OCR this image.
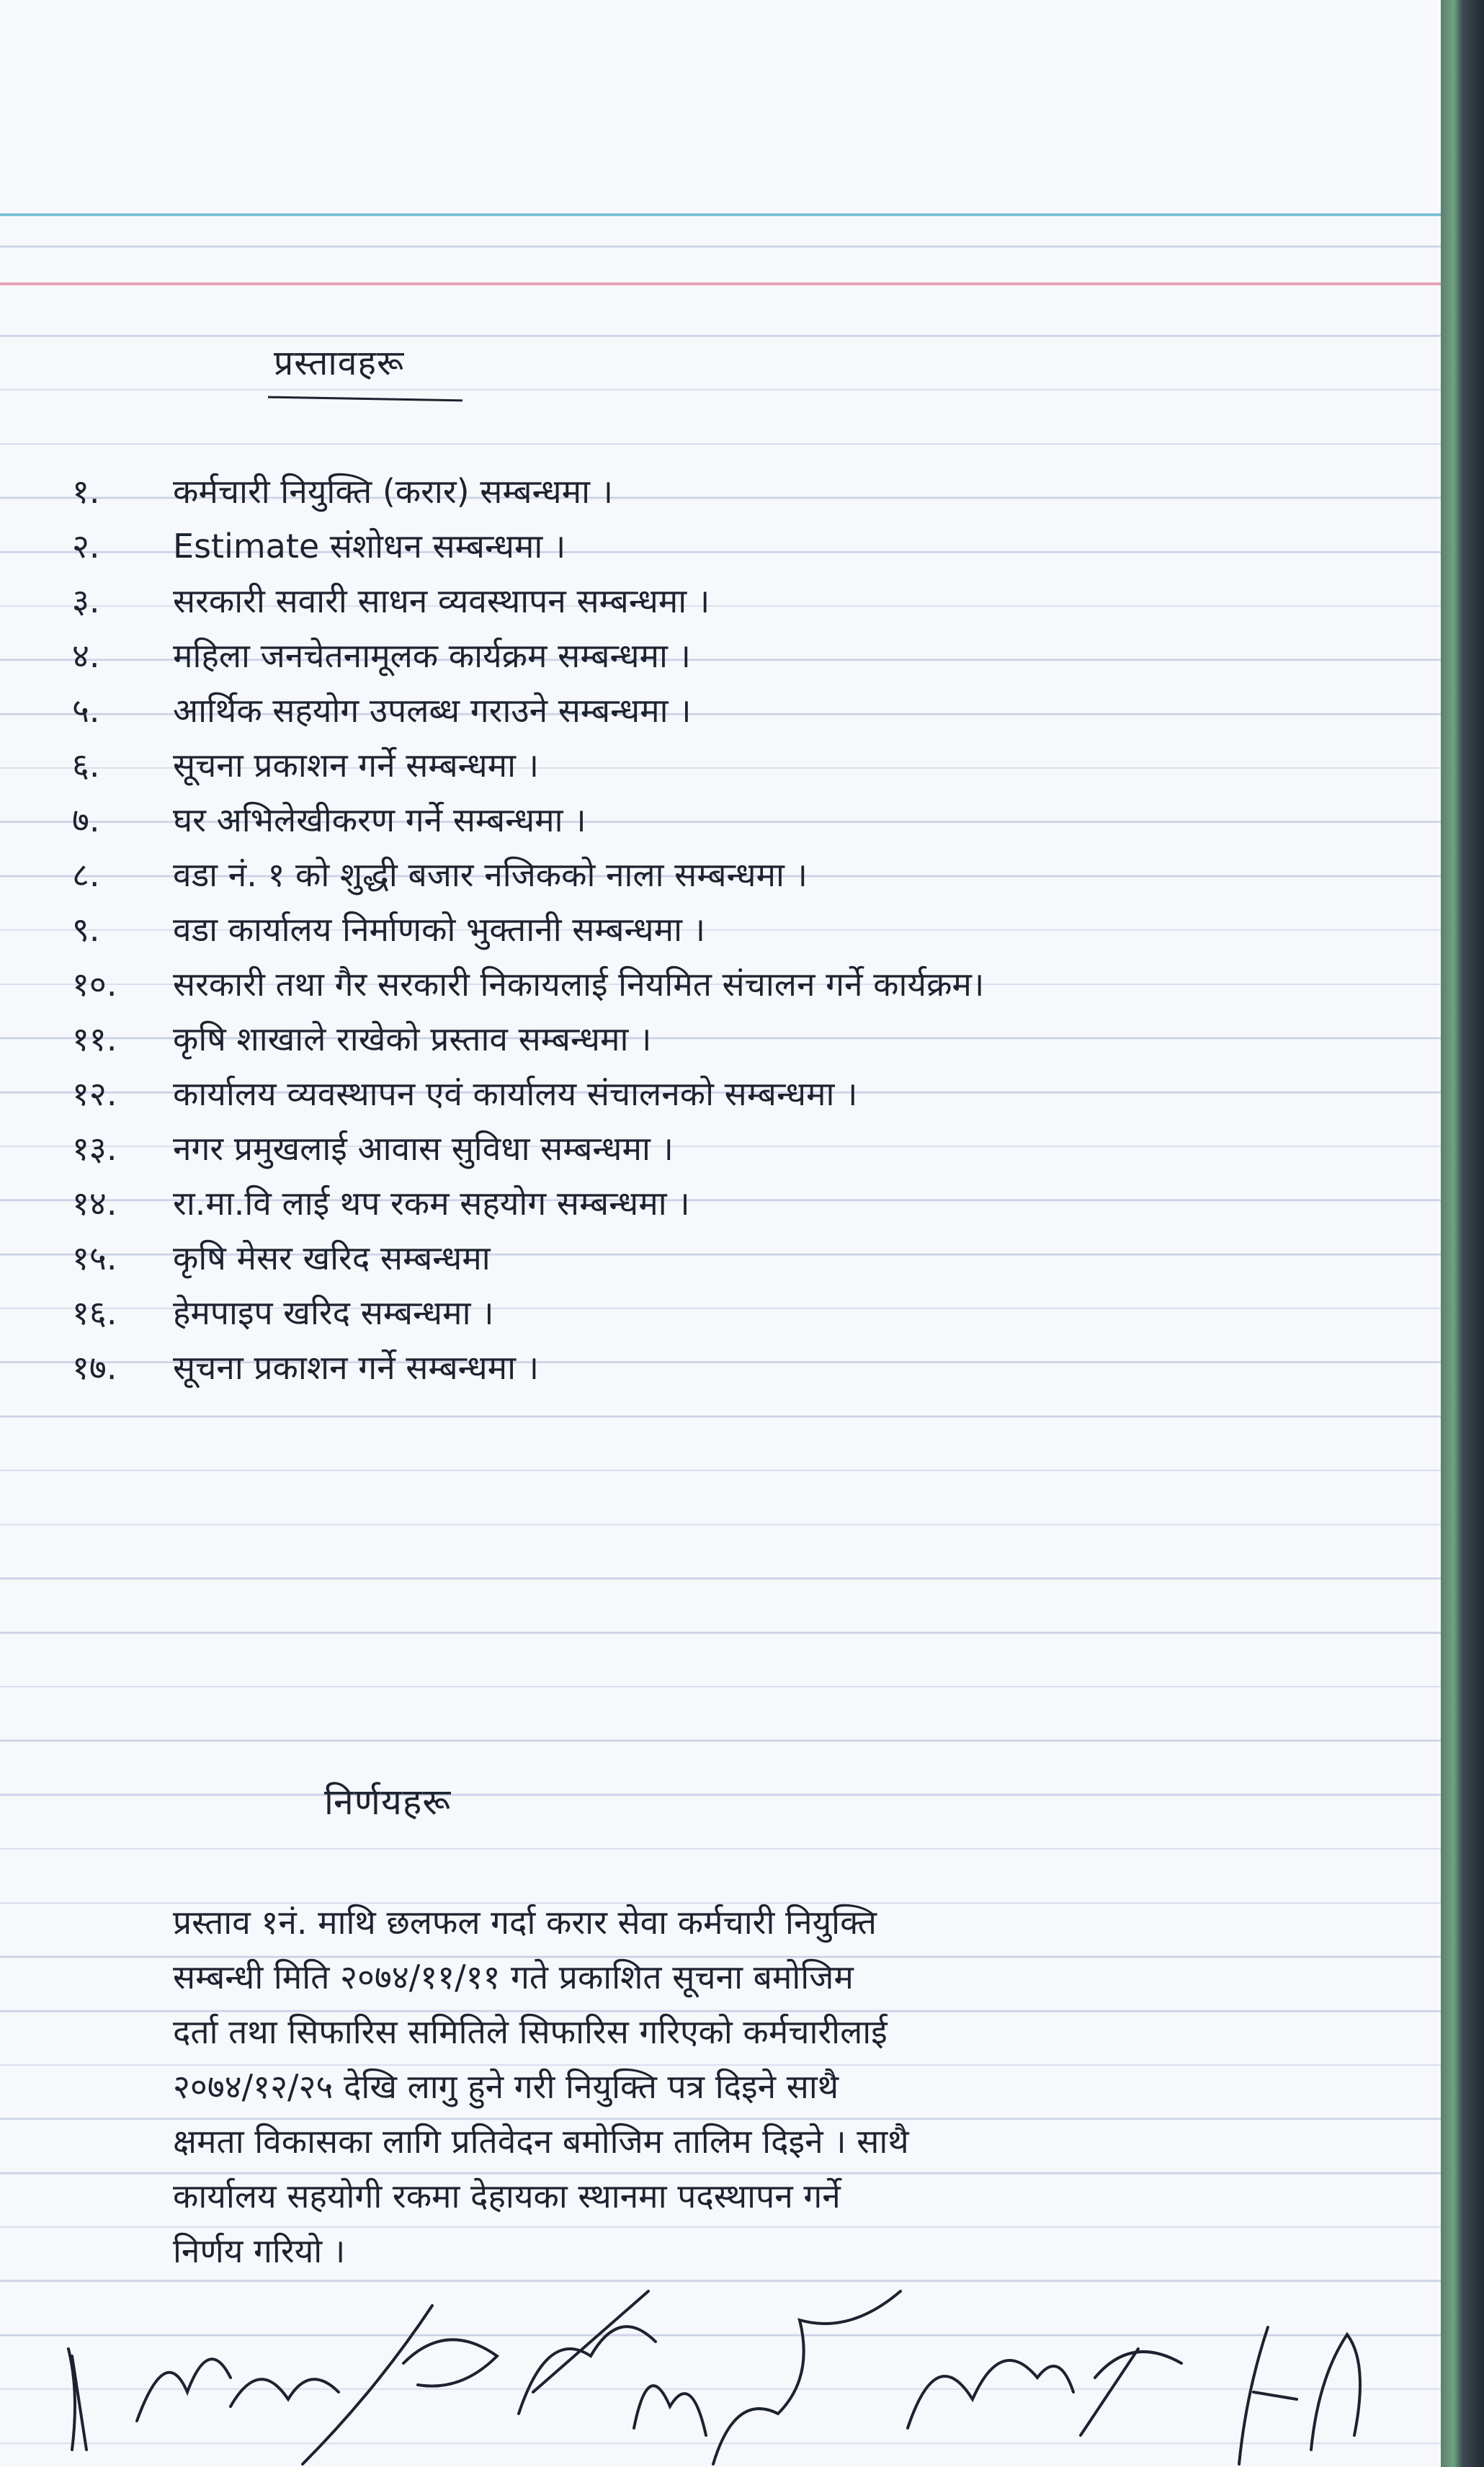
प्रस्तावहरू
१. कर्मचारी नियुक्ति (करार) सम्बन्धमा ।
२. Estimate संशोधन सम्बन्धमा ।
३. सरकारी सवारी साधन व्यवस्थापन सम्बन्धमा ।
४. महिला जनचेतनामूलक कार्यक्रम सम्बन्धमा ।
५. आर्थिक सहयोग उपलब्ध गराउने सम्बन्धमा ।
६. सूचना प्रकाशन गर्ने सम्बन्धमा ।
७. घर अभिलेखीकरण गर्ने सम्बन्धमा ।
८. वडा नं. १ को शुद्धी बजार नजिकको नाला सम्बन्धमा ।
९. वडा कार्यालय निर्माणको भुक्तानी सम्बन्धमा ।
१०. सरकारी तथा गैर सरकारी निकायलाई नियमित संचालन गर्ने कार्यक्रम।
११. कृषि शाखाले राखेको प्रस्ताव सम्बन्धमा ।
१२. कार्यालय व्यवस्थापन एवं कार्यालय संचालनको सम्बन्धमा ।
१३. नगर प्रमुखलाई आवास सुविधा सम्बन्धमा ।
१४. रा.मा.वि लाई थप रकम सहयोग सम्बन्धमा ।
१५. कृषि मेसर खरिद सम्बन्धमा
१६. हेमपाइप खरिद सम्बन्धमा ।
१७. सूचना प्रकाशन गर्ने सम्बन्धमा ।
निर्णयहरू
प्रस्ताव १नं. माथि छलफल गर्दा करार सेवा कर्मचारी नियुक्ति
सम्बन्धी मिति २०७४/११/११ गते प्रकाशित सूचना बमोजिम
दर्ता तथा सिफारिस समितिले सिफारिस गरिएको कर्मचारीलाई
२०७४/१२/२५ देखि लागु हुने गरी नियुक्ति पत्र दिइने साथै
क्षमता विकासका लागि प्रतिवेदन बमोजिम तालिम दिइने । साथै
कार्यालय सहयोगी रकमा देहायका स्थानमा पदस्थापन गर्ने
निर्णय गरियो ।
